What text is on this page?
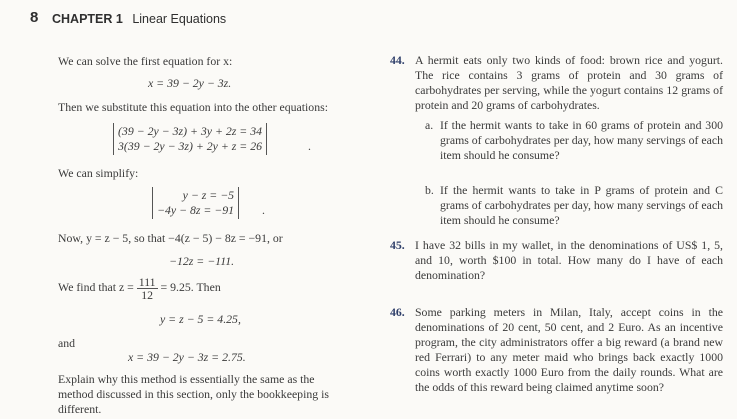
8 CHAPTER 1 Linear Equations
We can solve the first equation for x:
x = 39 − 2y − 3z.
Then we substitute this equation into the other equations:
(39 − 2y − 3z) + 3y + 2z = 34
3(39 − 2y − 3z) + 2y + z = 26	.
We can simplify:
y − z = −5
−4y − 8z = −91 .
Now, y = z − 5, so that −4(z − 5) − 8z = −91, or
−12z = −111.
We find that $z = \frac{111}{12} = 9.25$. Then
y = z − 5 = 4.25,
and
x = 39 − 2y − 3z = 2.75.
Explain why this method is essentially the same as the
method discussed in this section, only the bookkeeping is
different.
44. A hermit eats only two kinds of food: brown rice and yogurt. The rice contains 3 grams of protein and 30 grams of carbohydrates per serving, while the yogurt contains 12 grams of protein and 20 grams of carbohydrates.
a. If the hermit wants to take in 60 grams of protein and 300 grams of carbohydrates per day, how many servings of each item should he consume?
b. If the hermit wants to take in P grams of protein and C grams of carbohydrates per day, how many servings of each item should he consume?
45. I have 32 bills in my wallet, in the denominations of US$ 1, 5, and 10, worth $100 in total. How many do I have of each denomination?
46. Some parking meters in Milan, Italy, accept coins in the denominations of 20 cent, 50 cent, and 2 Euro. As an incentive program, the city administrators offer a big reward (a brand new red Ferrari) to any meter maid who brings back exactly 1000 coins worth exactly 1000 Euro from the daily rounds. What are the odds of this reward being claimed anytime soon?
